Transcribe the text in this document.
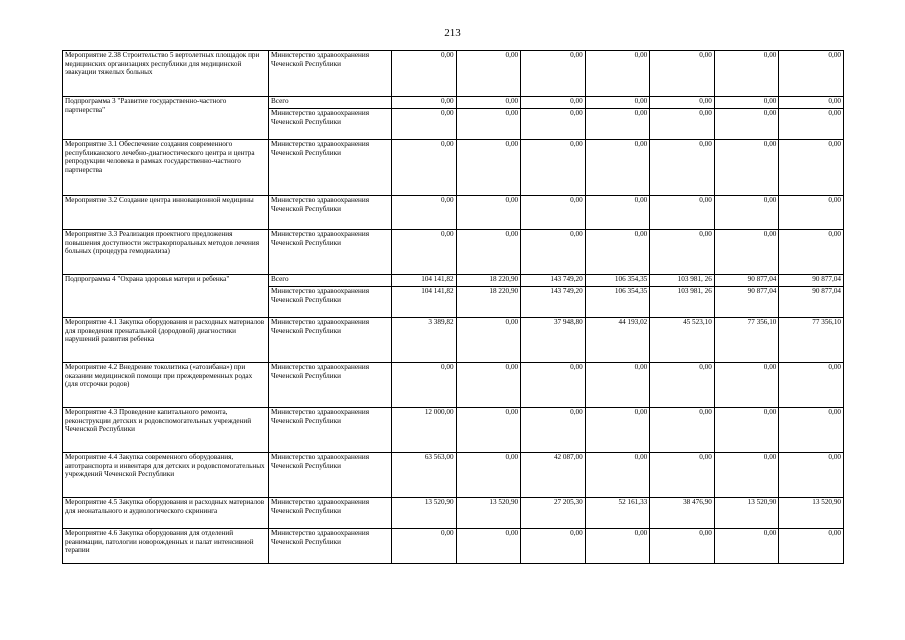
213
Мероприятие 2.38 Строительство 5 вертолетных площадок при медицинских организациях республики для медицинской эвакуации тяжелых больных	Министерство здравоохранения Чеченской Республики	0,00	0,00	0,00	0,00	0,00	0,00	0,00
Подпрограмма 3 "Развитие государственно-частного партнерства"	Всего	0,00	0,00	0,00	0,00	0,00	0,00	0,00
	Министерство здравоохранения Чеченской Республики	0,00	0,00	0,00	0,00	0,00	0,00	0,00
Мероприятие 3.1 Обеспечение создания современного республиканского лечебно-диагностического центра и центра репродукции человека в рамках государственно-частного партнерства	Министерство здравоохранения Чеченской Республики	0,00	0,00	0,00	0,00	0,00	0,00	0,00
Мероприятие 3.2 Создание центра инновационной медицины	Министерство здравоохранения Чеченской Республики	0,00	0,00	0,00	0,00	0,00	0,00	0,00
Мероприятие 3.3 Реализация проектного предложения повышения доступности экстракорпоральных методов лечения больных (процедура гемодиализа)	Министерство здравоохранения Чеченской Республики	0,00	0,00	0,00	0,00	0,00	0,00	0,00
Подпрограмма 4 "Охрана здоровья матери и ребенка"	Всего	104 141,82	18 220,90	143 749,20	106 354,35	103 981, 26	90 877,04	90 877,04
	Министерство здравоохранения Чеченской Республики	104 141,82	18 220,90	143 749,20	106 354,35	103 981, 26	90 877,04	90 877,04
Мероприятие 4.1 Закупка оборудования и расходных материалов для проведения пренатальной (дородовой) диагностики нарушений развития ребенка	Министерство здравоохранения Чеченской Республики	3 389,82	0,00	37 948,80	44 193,02	45 523,10	77 356,10	77 356,10
Мероприятие 4.2 Внедрение токолитика («атозибана») при оказании медицинской помощи при преждевременных родах (для отсрочки родов)	Министерство здравоохранения Чеченской Республики	0,00	0,00	0,00	0,00	0,00	0,00	0,00
Мероприятие 4.3 Проведение капитального ремонта, реконструкции детских и родовспомогательных учреждений Чеченской Республики	Министерство здравоохранения Чеченской Республики	12 000,00	0,00	0,00	0,00	0,00	0,00	0,00
Мероприятие 4.4 Закупка современного оборудования, автотранспорта и инвентаря для детских и родовспомогательных учреждений Чеченской Республики	Министерство здравоохранения Чеченской Республики	63 563,00	0,00	42 087,00	0,00	0,00	0,00	0,00
Мероприятие 4.5 Закупка оборудования и расходных материалов для неонатального и аудиологического скрининга	Министерство здравоохранения Чеченской Республики	13 520,90	13 520,90	27 205,30	52 161,33	38 476,90	13 520,90	13 520,90
Мероприятие 4.6 Закупка оборудования для отделений реанимации, патологии новорожденных и палат интенсивной терапии	Министерство здравоохранения Чеченской Республики	0,00	0,00	0,00	0,00	0,00	0,00	0,00
